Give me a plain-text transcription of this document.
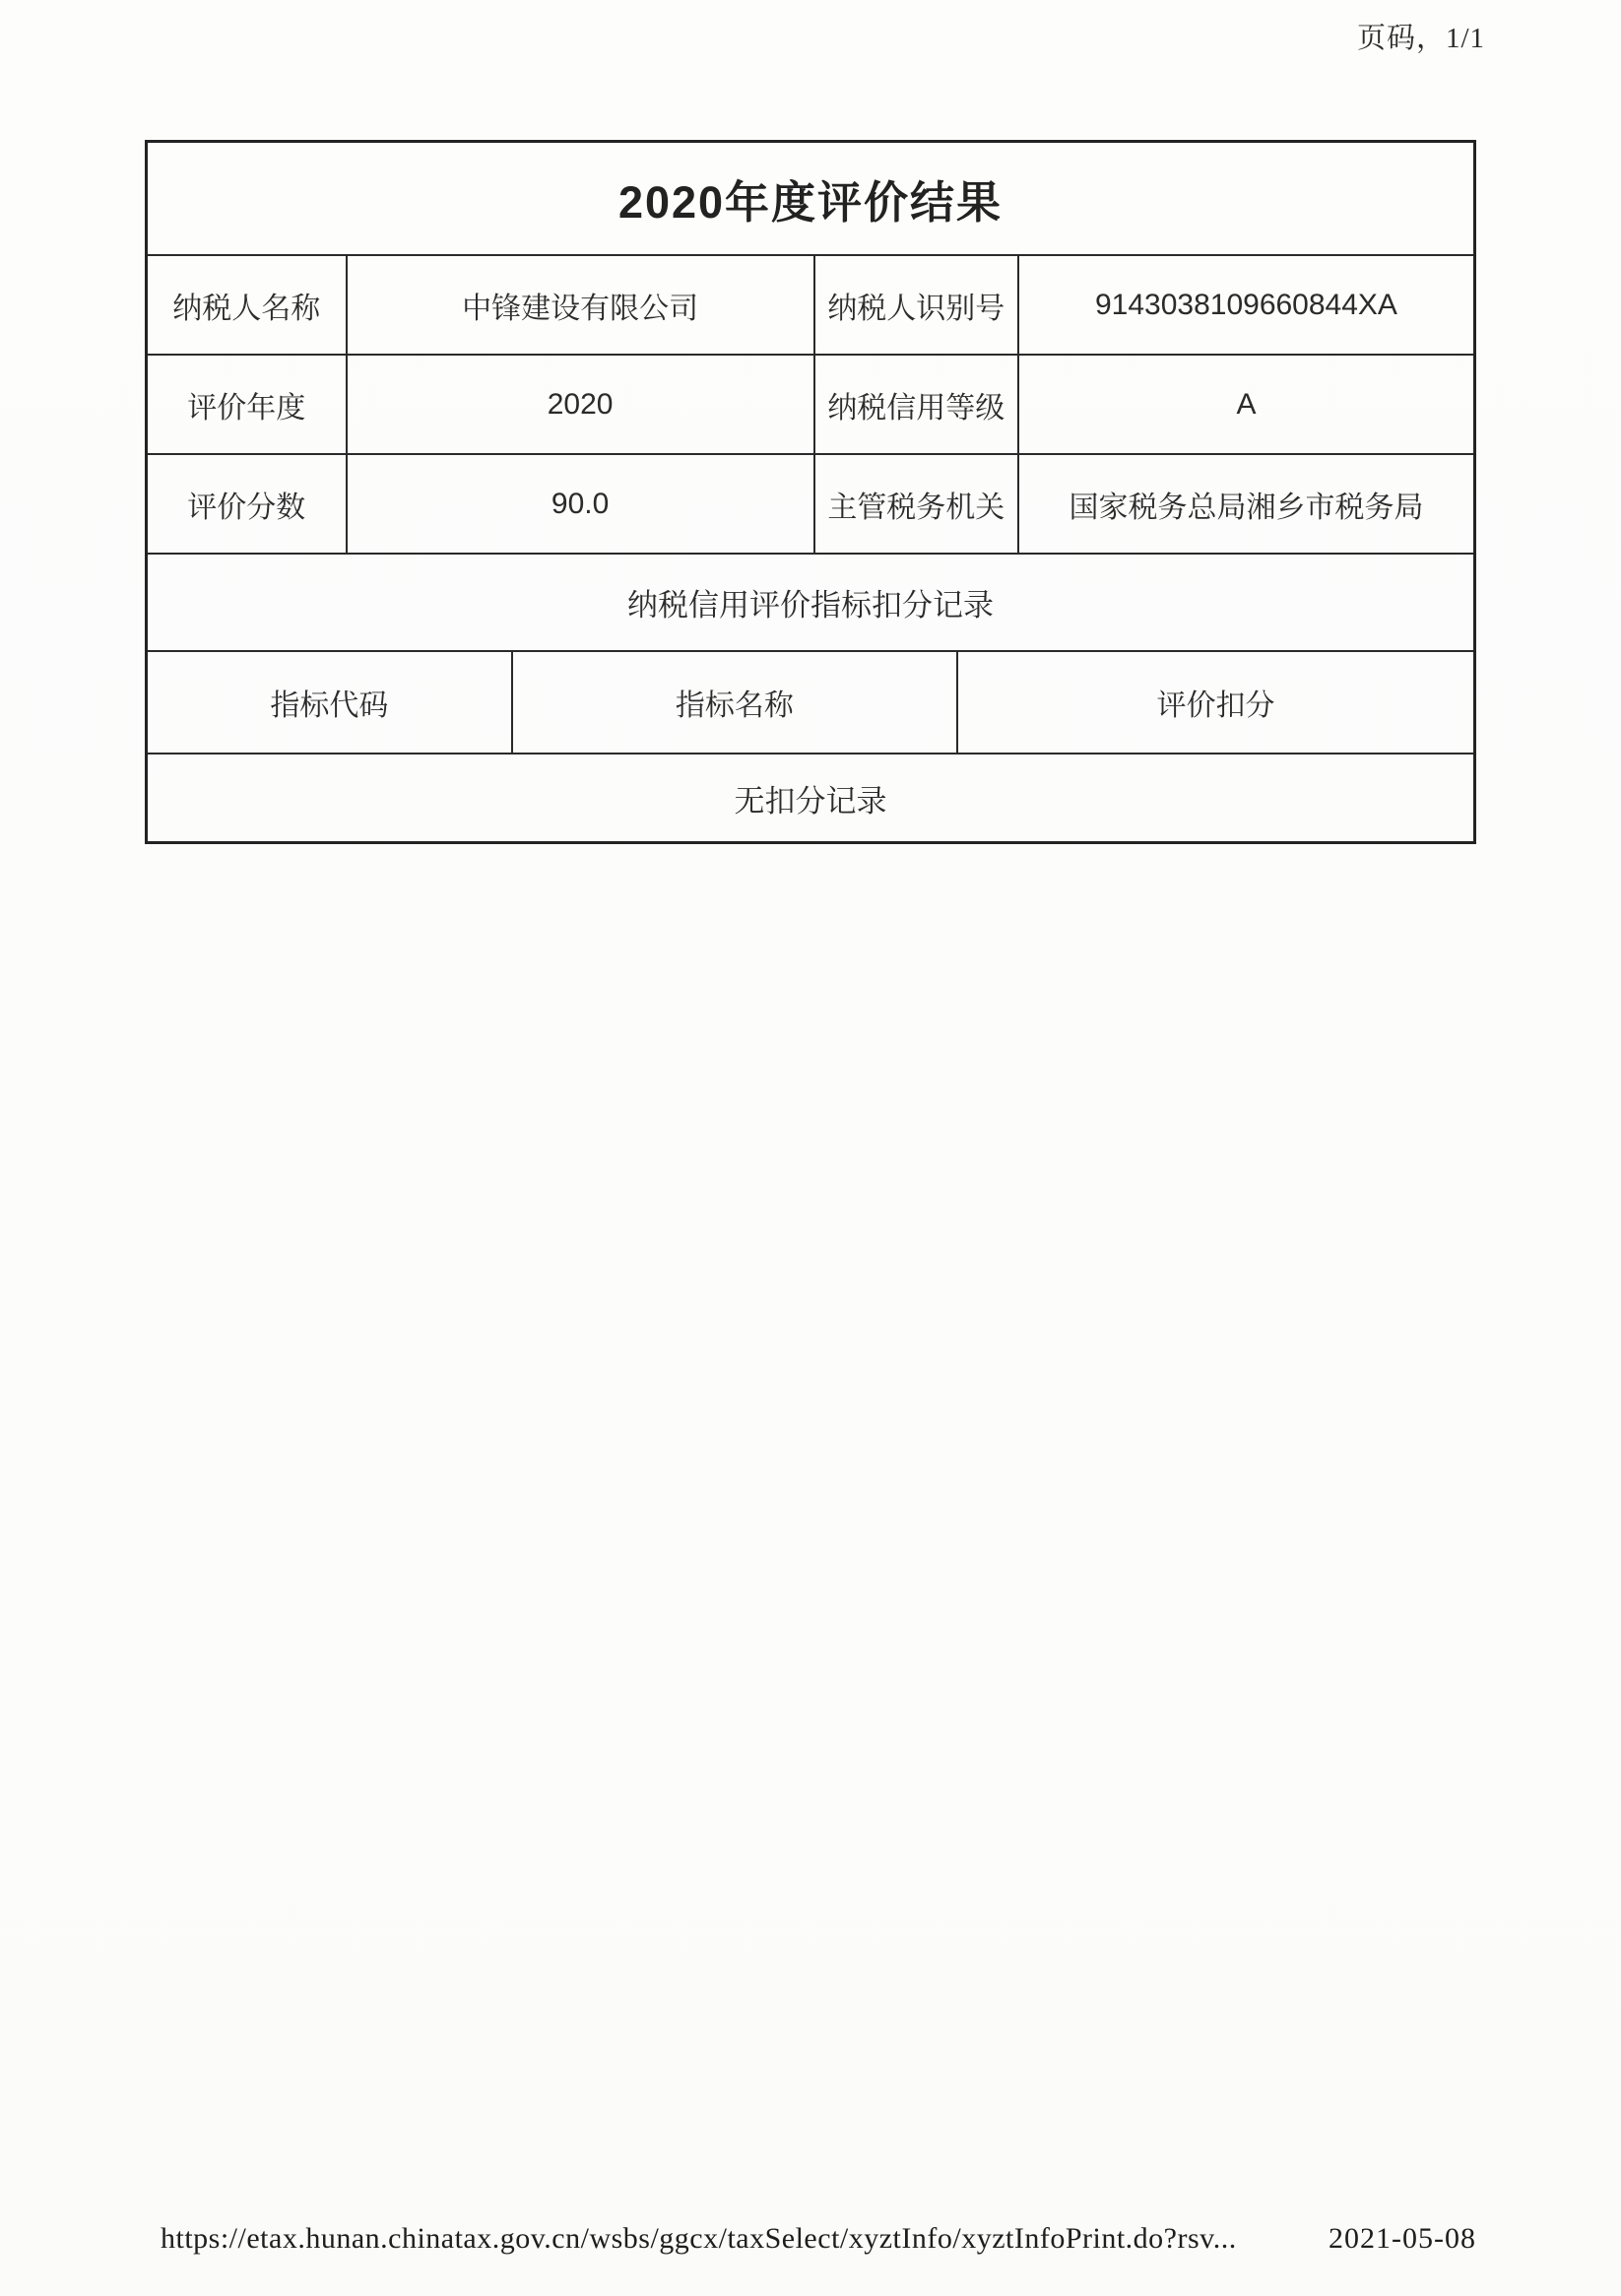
页码，1/1
2020年度评价结果
纳税人名称	中锋建设有限公司	纳税人识别号	9143038109660844XA
评价年度	2020	纳税信用等级	A
评价分数	90.0	主管税务机关	国家税务总局湘乡市税务局
纳税信用评价指标扣分记录
指标代码	指标名称	评价扣分
无扣分记录
https://etax.hunan.chinatax.gov.cn/wsbs/ggcx/taxSelect/xyztInfo/xyztInfoPrint.do?rsv...	2021-05-08
